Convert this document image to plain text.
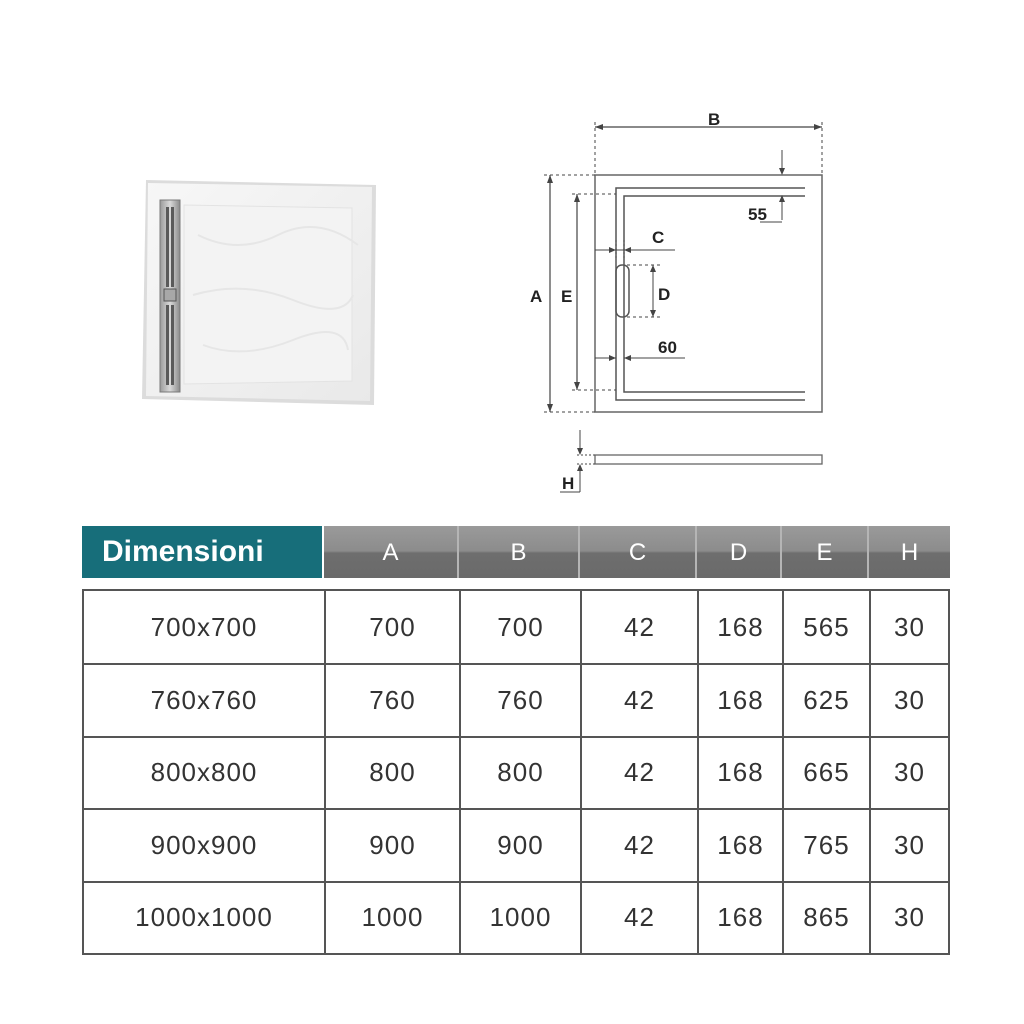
B
A E
55
C
D
60
H
Dimensioni	A	B	C	D	E	H
700x700	700	700	42	168	565	30
760x760	760	760	42	168	625	30
800x800	800	800	42	168	665	30
900x900	900	900	42	168	765	30
1000x1000	1000	1000	42	168	865	30
